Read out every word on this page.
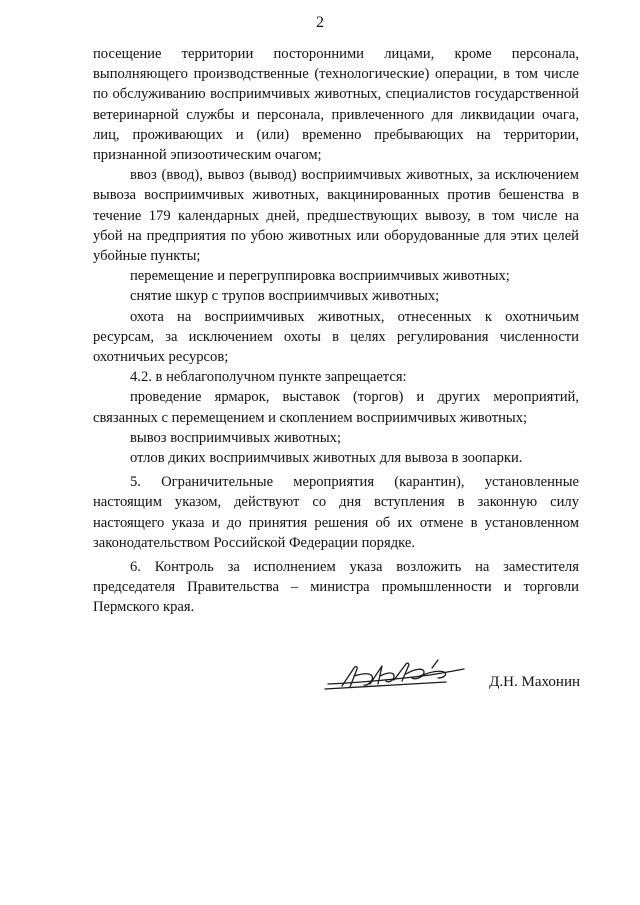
2

посещение территории посторонними лицами, кроме персонала, выполняющего производственные (технологические) операции, в том числе по обслуживанию восприимчивых животных, специалистов государственной ветеринарной службы и персонала, привлеченного для ликвидации очага, лиц, проживающих и (или) временно пребывающих на территории, признанной эпизоотическим очагом;

ввоз (ввод), вывоз (вывод) восприимчивых животных, за исключением вывоза восприимчивых животных, вакцинированных против бешенства в течение 179 календарных дней, предшествующих вывозу, в том числе на убой на предприятия по убою животных или оборудованные для этих целей убойные пункты;

перемещение и перегруппировка восприимчивых животных;

снятие шкур с трупов восприимчивых животных;

охота на восприимчивых животных, отнесенных к охотничьим ресурсам, за исключением охоты в целях регулирования численности охотничьих ресурсов;

4.2. в неблагополучном пункте запрещается:

проведение ярмарок, выставок (торгов) и других мероприятий, связанных с перемещением и скоплением восприимчивых животных;

вывоз восприимчивых животных;

отлов диких восприимчивых животных для вывоза в зоопарки.

5. Ограничительные мероприятия (карантин), установленные настоящим указом, действуют со дня вступления в законную силу настоящего указа и до принятия решения об их отмене в установленном законодательством Российской Федерации порядке.

6. Контроль за исполнением указа возложить на заместителя председателя Правительства – министра промышленности и торговли Пермского края.

Д.Н. Махонин
